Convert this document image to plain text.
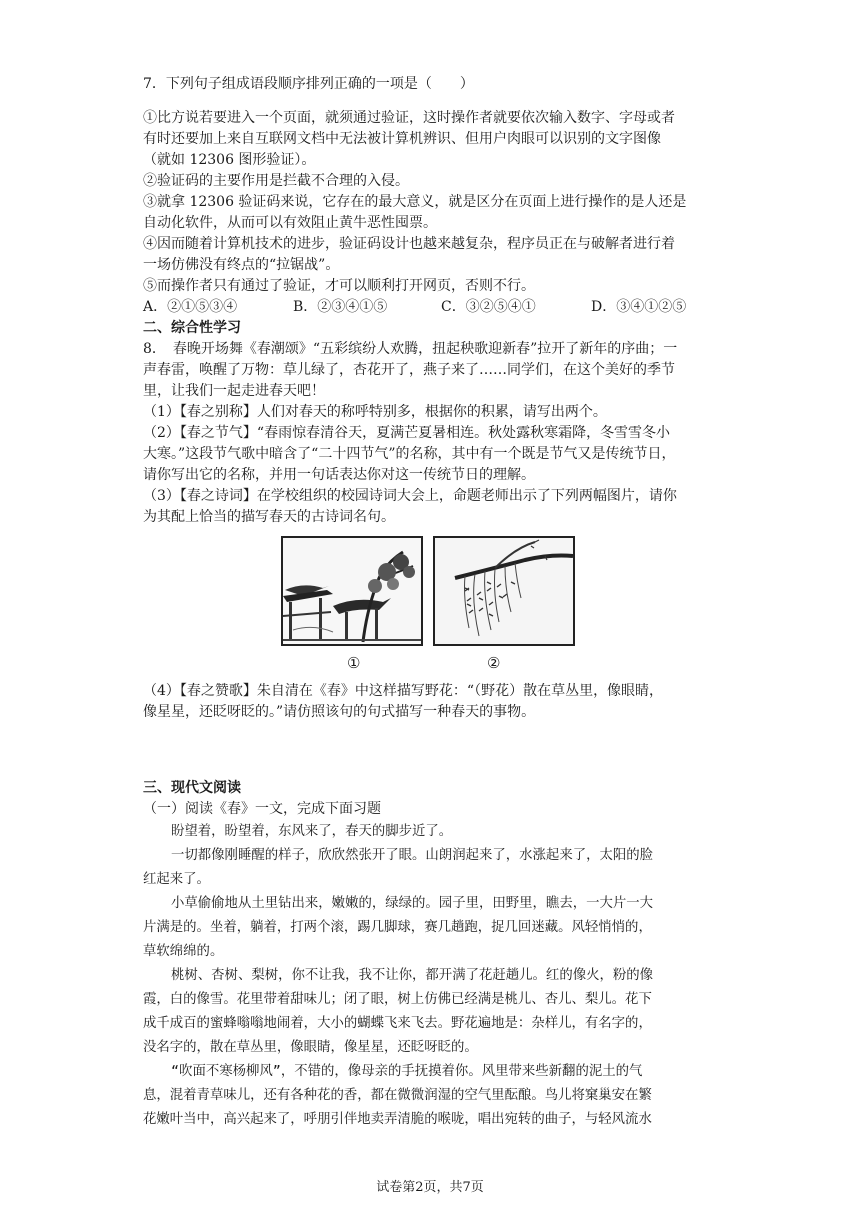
7．下列句子组成语段顺序排列正确的一项是（　　）
①比方说若要进入一个页面，就须通过验证，这时操作者就要依次输入数字、字母或者
有时还要加上来自互联网文档中无法被计算机辨识、但用户肉眼可以识别的文字图像
（就如 12306 图形验证）。
②验证码的主要作用是拦截不合理的入侵。
③就拿 12306 验证码来说，它存在的最大意义，就是区分在页面上进行操作的是人还是
自动化软件，从而可以有效阻止黄牛恶性囤票。
④因而随着计算机技术的进步，验证码设计也越来越复杂，程序员正在与破解者进行着
一场仿佛没有终点的“拉锯战”。
⑤而操作者只有通过了验证，才可以顺利打开网页，否则不行。
A．②①⑤③④	B．②③④①⑤	C．③②⑤④①	D．③④①②⑤
二、综合性学习
8．　春晚开场舞《春潮颂》“五彩缤纷人欢腾，扭起秧歌迎新春”拉开了新年的序曲；一
声春雷，唤醒了万物：草儿绿了，杏花开了，燕子来了……同学们，在这个美好的季节
里，让我们一起走进春天吧！
（1）【春之别称】人们对春天的称呼特别多，根据你的积累，请写出两个。
（2）【春之节气】“春雨惊春清谷天，夏满芒夏暑相连。秋处露秋寒霜降，冬雪雪冬小
大寒。”这段节气歌中暗含了“二十四节气”的名称，其中有一个既是节气又是传统节日，
请你写出它的名称，并用一句话表达你对这一传统节日的理解。
（3）【春之诗词】在学校组织的校园诗词大会上，命题老师出示了下列两幅图片，请你
为其配上恰当的描写春天的古诗词名句。
①	②
（4）【春之赞歌】朱自清在《春》中这样描写野花：“（野花）散在草丛里，像眼睛，
像星星，还眨呀眨的。”请仿照该句的句式描写一种春天的事物。
三、现代文阅读
（一）阅读《春》一文，完成下面习题
盼望着，盼望着，东风来了，春天的脚步近了。
一切都像刚睡醒的样子，欣欣然张开了眼。山朗润起来了，水涨起来了，太阳的脸
红起来了。
小草偷偷地从土里钻出来，嫩嫩的，绿绿的。园子里，田野里，瞧去，一大片一大
片满是的。坐着，躺着，打两个滚，踢几脚球，赛几趟跑，捉几回迷藏。风轻悄悄的，
草软绵绵的。
桃树、杏树、梨树，你不让我，我不让你，都开满了花赶趟儿。红的像火，粉的像
霞，白的像雪。花里带着甜味儿；闭了眼，树上仿佛已经满是桃儿、杏儿、梨儿。花下
成千成百的蜜蜂嗡嗡地闹着，大小的蝴蝶飞来飞去。野花遍地是：杂样儿，有名字的，
没名字的，散在草丛里，像眼睛，像星星，还眨呀眨的。
“吹面不寒杨柳风”，不错的，像母亲的手抚摸着你。风里带来些新翻的泥土的气
息，混着青草味儿，还有各种花的香，都在微微润湿的空气里酝酿。鸟儿将窠巢安在繁
花嫩叶当中，高兴起来了，呼朋引伴地卖弄清脆的喉咙，唱出宛转的曲子，与轻风流水
试卷第2页，共7页
